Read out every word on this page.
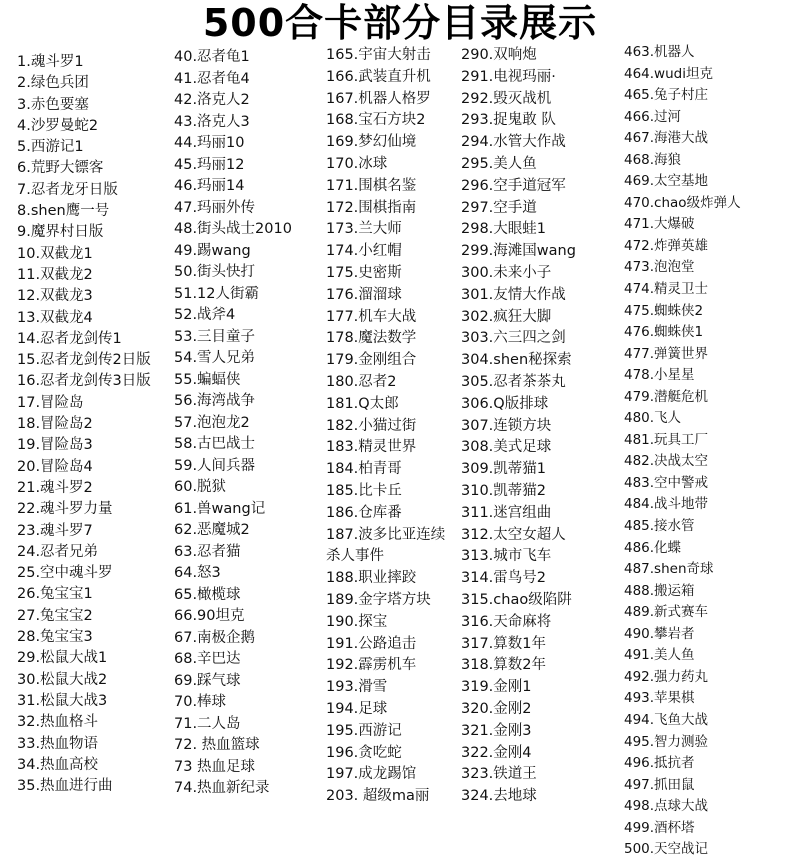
500合卡部分目录展示
1.魂斗罗1
2.绿色兵团
3.赤色要塞
4.沙罗曼蛇2
5.西游记1
6.荒野大镖客
7.忍者龙牙日版
8.shen鹰一号
9.魔界村日版
10.双截龙1
11.双截龙2
12.双截龙3
13.双截龙4
14.忍者龙剑传1
15.忍者龙剑传2日版
16.忍者龙剑传3日版
17.冒险岛
18.冒险岛2
19.冒险岛3
20.冒险岛4
21.魂斗罗2
22.魂斗罗力量
23.魂斗罗7
24.忍者兄弟
25.空中魂斗罗
26.兔宝宝1
27.兔宝宝2
28.兔宝宝3
29.松鼠大战1
30.松鼠大战2
31.松鼠大战3
32.热血格斗
33.热血物语
34.热血高校
35.热血进行曲
40.忍者龟1
41.忍者龟4
42.洛克人2
43.洛克人3
44.玛丽10
45.玛丽12
46.玛丽14
47.玛丽外传
48.街头战士2010
49.踢wang
50.街头快打
51.12人街霸
52.战斧4
53.三目童子
54.雪人兄弟
55.蝙蝠侠
56.海湾战争
57.泡泡龙2
58.古巴战士
59.人间兵器
60.脱狱
61.兽wang记
62.恶魔城2
63.忍者猫
64.怒3
65.橄榄球
66.90坦克
67.南极企鹅
68.辛巴达
69.踩气球
70.棒球
71.二人岛
72. 热血篮球
73 热血足球
74.热血新纪录
165.宇宙大射击
166.武装直升机
167.机器人格罗
168.宝石方块2
169.梦幻仙境
170.冰球
171.围棋名鉴
172.围棋指南
173.兰大师
174.小红帽
175.史密斯
176.溜溜球
177.机车大战
178.魔法数学
179.金刚组合
180.忍者2
181.Q太郎
182.小猫过街
183.精灵世界
184.柏青哥
185.比卡丘
186.仓库番
187.波多比亚连续杀人事件
188.职业摔跤
189.金字塔方块
190.探宝
191.公路追击
192.霹雳机车
193.滑雪
194.足球
195.西游记
196.贪吃蛇
197.成龙踢馆
203. 超级ma丽
290.双响炮
291.电视玛丽·
292.毁灭战机
293.捉鬼敢 队
294.水管大作战
295.美人鱼
296.空手道冠军
297.空手道
298.大眼蛙1
299.海滩国wang
300.未来小子
301.友情大作战
302.疯狂大脚
303.六三四之剑
304.shen秘探索
305.忍者茶茶丸
306.Q版排球
307.连锁方块
308.美式足球
309.凯蒂猫1
310.凯蒂猫2
311.迷宫组曲
312.太空女超人
313.城市飞车
314.雷鸟号2
315.chao级陷阱
316.天命麻将
317.算数1年
318.算数2年
319.金刚1
320.金刚2
321.金刚3
322.金刚4
323.铁道王
324.去地球
463.机器人
464.wudi坦克
465.兔子村庄
466.过河
467.海港大战
468.海狼
469.太空基地
470.chao级炸弹人
471.大爆破
472.炸弹英雄
473.泡泡堂
474.精灵卫士
475.蜘蛛侠2
476.蜘蛛侠1
477.弹簧世界
478.小星星
479.潜艇危机
480.飞人
481.玩具工厂
482.决战太空
483.空中警戒
484.战斗地带
485.接水管
486.化蝶
487.shen奇球
488.搬运箱
489.新式赛车
490.攀岩者
491.美人鱼
492.强力药丸
493.苹果棋
494.飞鱼大战
495.智力测验
496.抵抗者
497.抓田鼠
498.点球大战
499.酒杯塔
500.天空战记
